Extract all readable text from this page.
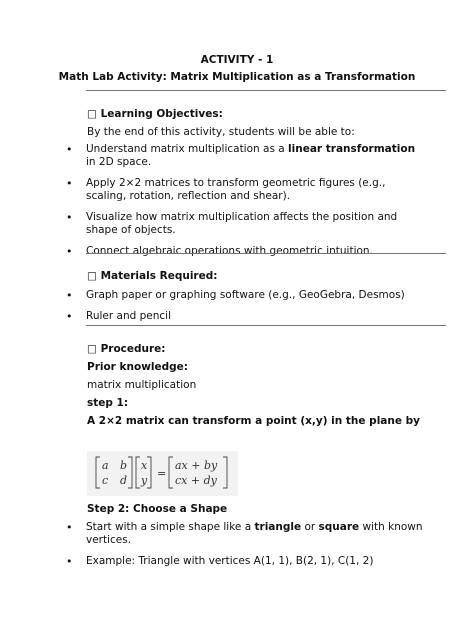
ACTIVITY - 1
Math Lab Activity: Matrix Multiplication as a Transformation
□ Learning Objectives:
By the end of this activity, students will be able to:
• Understand matrix multiplication as a linear transformation in 2D space.
• Apply 2×2 matrices to transform geometric figures (e.g., scaling, rotation, reflection and shear).
• Visualize how matrix multiplication affects the position and shape of objects.
• Connect algebraic operations with geometric intuition.
□ Materials Required:
• Graph paper or graphing software (e.g., GeoGebra, Desmos)
• Ruler and pencil
□ Procedure:
Prior knowledge:
matrix multiplication
step 1:
A 2×2 matrix can transform a point (x,y) in the plane by
a b
c d
x
y
=
ax + by
cx + dy
Step 2: Choose a Shape
• Start with a simple shape like a triangle or square with known vertices.
• Example: Triangle with vertices A(1, 1), B(2, 1), C(1, 2)
